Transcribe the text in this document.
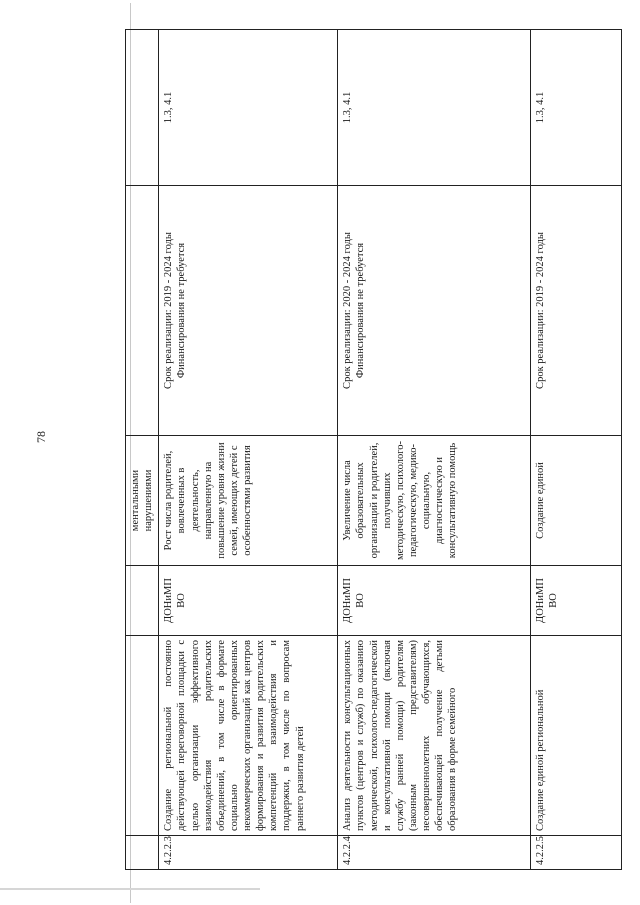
78
			ментальными нарушениями		
4.2.2.3	Создание региональной постоянно действующей переговорной площадки с целью организации эффективного взаимодействия родительских объединений, в том числе в формате социально ориентированных некоммерческих организаций как центров формирования и развития родительских компетенций взаимодействия и поддержки, в том числе по вопросам раннего развития детей	ДОНиМП ВО	Рост числа родителей, вовлеченных в деятельность, направленную на повышение уровня жизни семей, имеющих детей с особенностями развития	Срок реализации: 2019 - 2024 годы Финансирования не требуется	1.3, 4.1
4.2.2.4	Анализ деятельности консультационных пунктов (центров и служб) по оказанию методической, психолого-педагогической и консультативной помощи (включая службу ранней помощи) родителям (законным представителям) несовершеннолетних обучающихся, обеспечивающей получение детьми образования в форме семейного	ДОНиМП ВО	Увеличение числа образовательных организаций и родителей, получивших методическую, психолого-педагогическую, медико-социальную, диагностическую и консультативную помощь	Срок реализации: 2020 - 2024 годы Финансирования не требуется	1.3, 4.1
4.2.2.5	Создание единой региональной	ДОНиМП ВО	Создание единой	Срок реализации: 2019 - 2024 годы	1.3, 4.1
